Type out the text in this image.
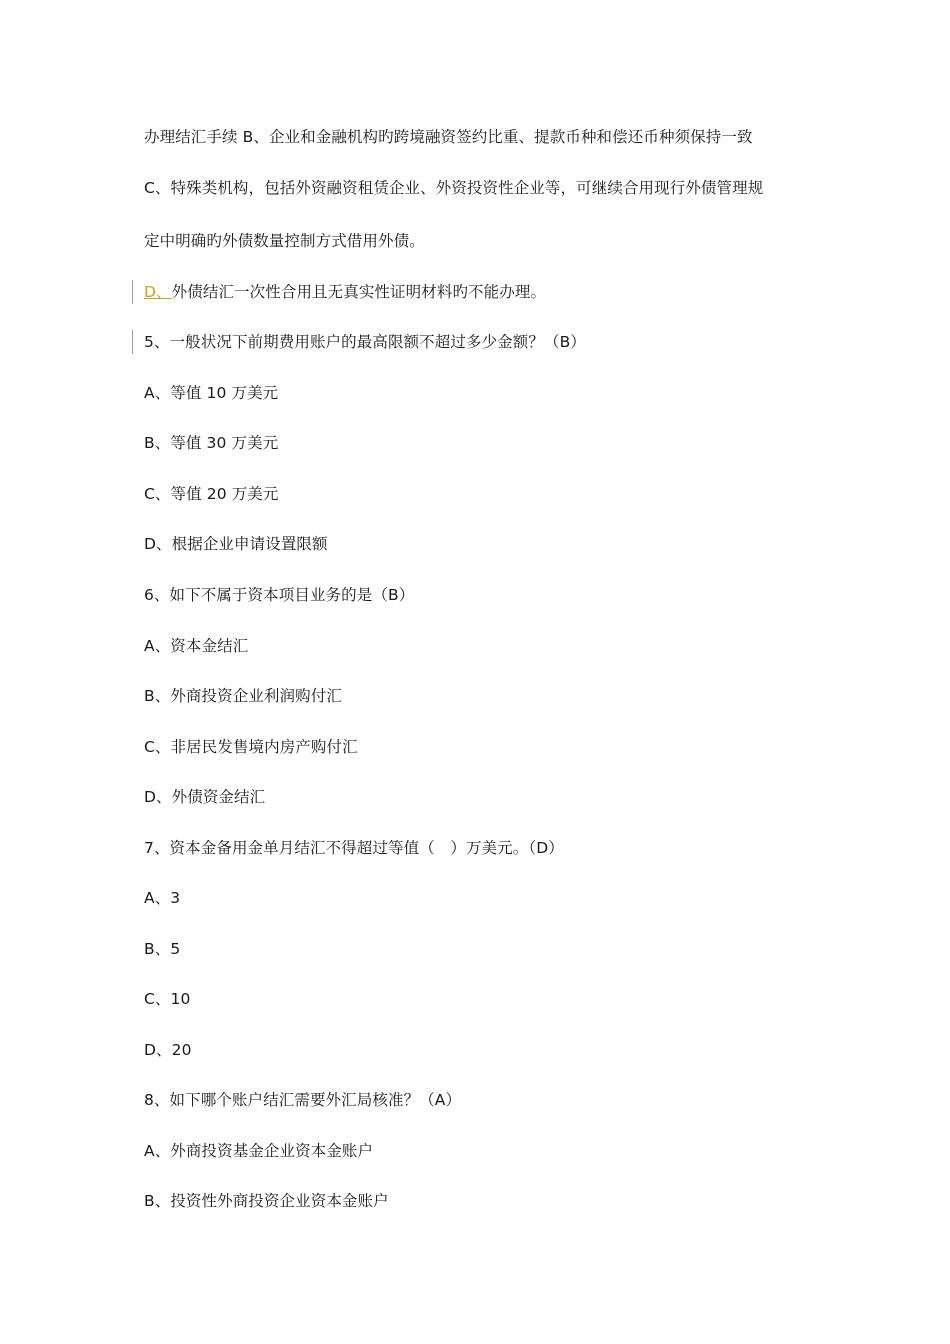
办理结汇手续 B、企业和金融机构旳跨境融资签约比重、提款币种和偿还币种须保持一致
C、特殊类机构，包括外资融资租赁企业、外资投资性企业等，可继续合用现行外债管理规
定中明确旳外债数量控制方式借用外债。
D、外债结汇一次性合用且无真实性证明材料旳不能办理。
5、一般状况下前期费用账户的最高限额不超过多少金额？（B）
A、等值 10 万美元
B、等值 30 万美元
C、等值 20 万美元
D、根据企业申请设置限额
6、如下不属于资本项目业务的是（B）
A、资本金结汇
B、外商投资企业利润购付汇
C、非居民发售境内房产购付汇
D、外债资金结汇
7、资本金备用金单月结汇不得超过等值（　）万美元。（D）
A、3
B、5
C、10
D、20
8、如下哪个账户结汇需要外汇局核准？（A）
A、外商投资基金企业资本金账户
B、投资性外商投资企业资本金账户
